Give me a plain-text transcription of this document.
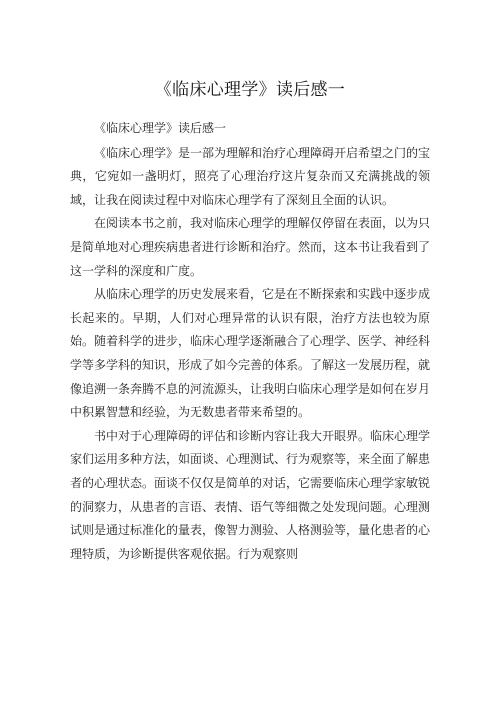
《临床心理学》读后感一

《临床心理学》读后感一

《临床心理学》是一部为理解和治疗心理障碍开启希望之门的宝典，它宛如一盏明灯，照亮了心理治疗这片复杂而又充满挑战的领域，让我在阅读过程中对临床心理学有了深刻且全面的认识。

在阅读本书之前，我对临床心理学的理解仅停留在表面，以为只是简单地对心理疾病患者进行诊断和治疗。然而，这本书让我看到了这一学科的深度和广度。

从临床心理学的历史发展来看，它是在不断探索和实践中逐步成长起来的。早期，人们对心理异常的认识有限，治疗方法也较为原始。随着科学的进步，临床心理学逐渐融合了心理学、医学、神经科学等多学科的知识，形成了如今完善的体系。了解这一发展历程，就像追溯一条奔腾不息的河流源头，让我明白临床心理学是如何在岁月中积累智慧和经验，为无数患者带来希望的。

书中对于心理障碍的评估和诊断内容让我大开眼界。临床心理学家们运用多种方法，如面谈、心理测试、行为观察等，来全面了解患者的心理状态。面谈不仅仅是简单的对话，它需要临床心理学家敏锐的洞察力，从患者的言语、表情、语气等细微之处发现问题。心理测试则是通过标准化的量表，像智力测验、人格测验等，量化患者的心理特质，为诊断提供客观依据。行为观察则
